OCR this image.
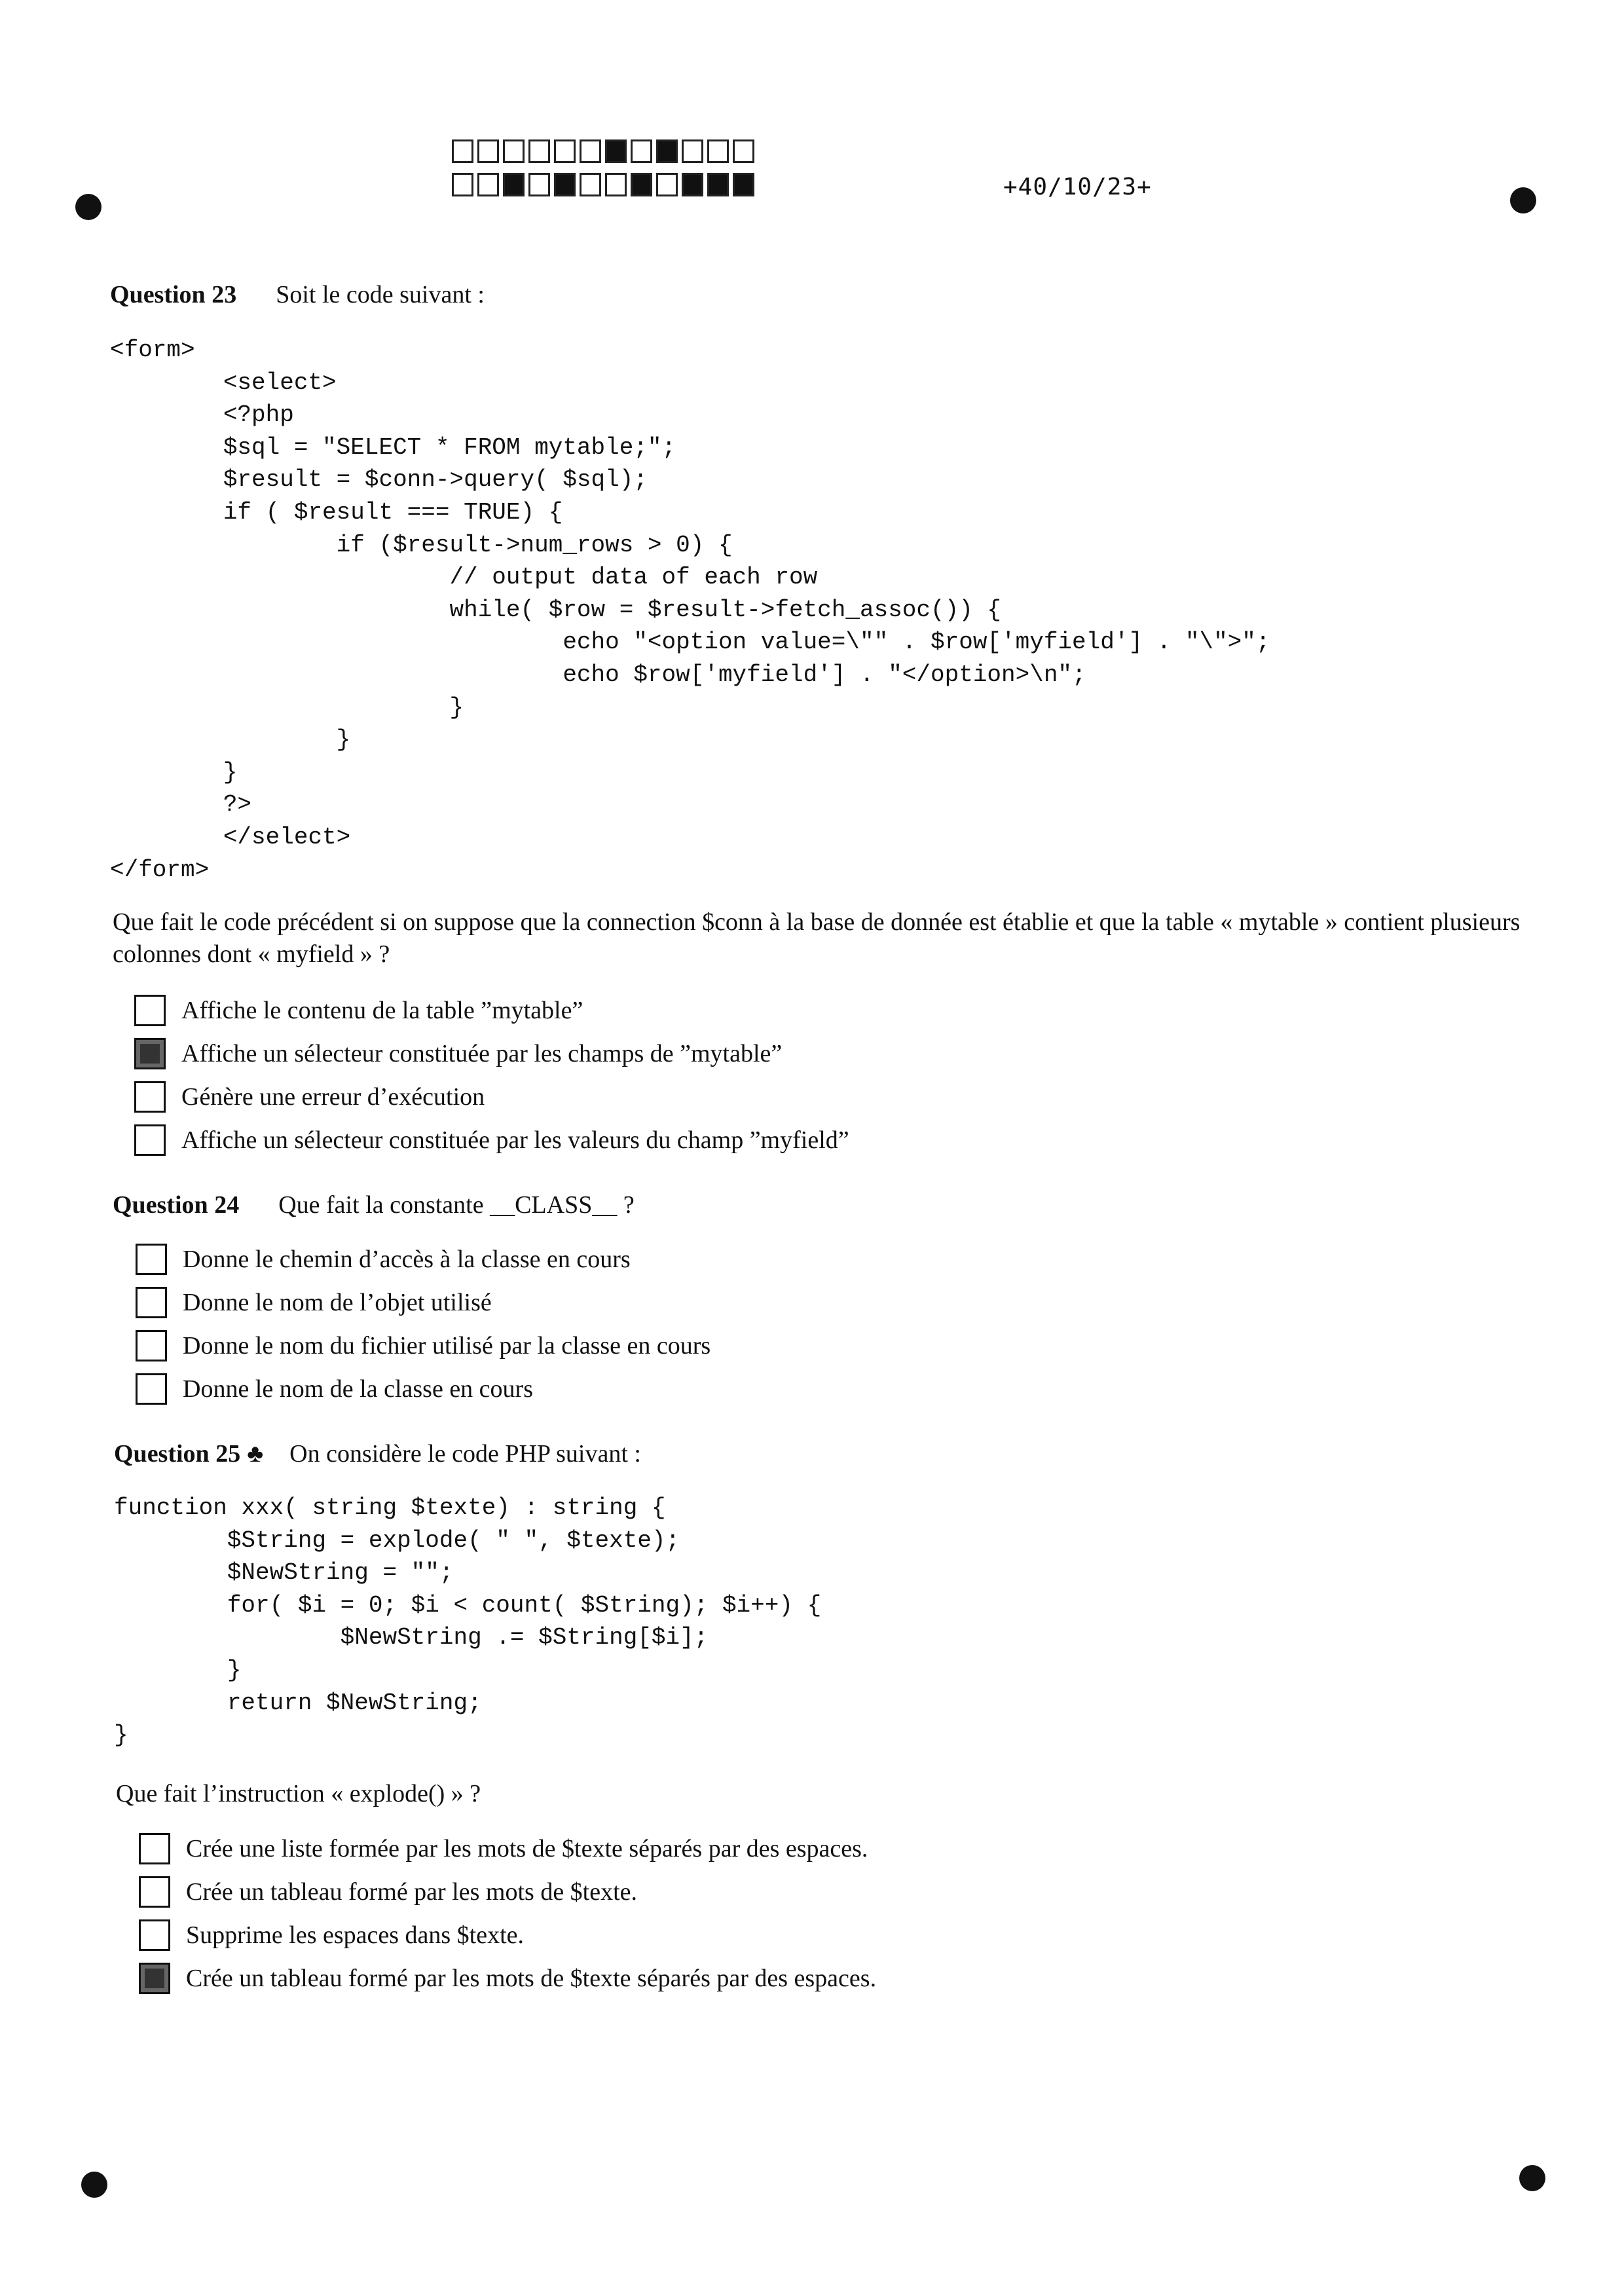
+40/10/23+
Question 23 Soit le code suivant :
<form>
<select>
<?php
$sql = "SELECT * FROM mytable;";
$result = $conn->query( $sql);
if ( $result === TRUE) {
if ($result->num_rows > 0) {
// output data of each row
while( $row = $result->fetch_assoc()) {
echo "<option value=\"" . $row['myfield'] . "\">";
echo $row['myfield'] . "</option>\n";
}
}
}
?>
</select>
</form>
Que fait le code précédent si on suppose que la connection $conn à la base de donnée est établie et que la table « mytable » contient plusieurs colonnes dont « myfield » ?
Affiche le contenu de la table ”mytable”
Affiche un sélecteur constituée par les champs de ”mytable”
Génère une erreur d’exécution
Affiche un sélecteur constituée par les valeurs du champ ”myfield”
Question 24 Que fait la constante __CLASS__ ?
Donne le chemin d’accès à la classe en cours
Donne le nom de l’objet utilisé
Donne le nom du fichier utilisé par la classe en cours
Donne le nom de la classe en cours
Question 25 ♣ On considère le code PHP suivant :
function xxx( string $texte) : string {
$String = explode( " ", $texte);
$NewString = "";
for( $i = 0; $i < count( $String); $i++) {
$NewString .= $String[$i];
}
return $NewString;
}
Que fait l’instruction « explode() » ?
Crée une liste formée par les mots de $texte séparés par des espaces.
Crée un tableau formé par les mots de $texte.
Supprime les espaces dans $texte.
Crée un tableau formé par les mots de $texte séparés par des espaces.
